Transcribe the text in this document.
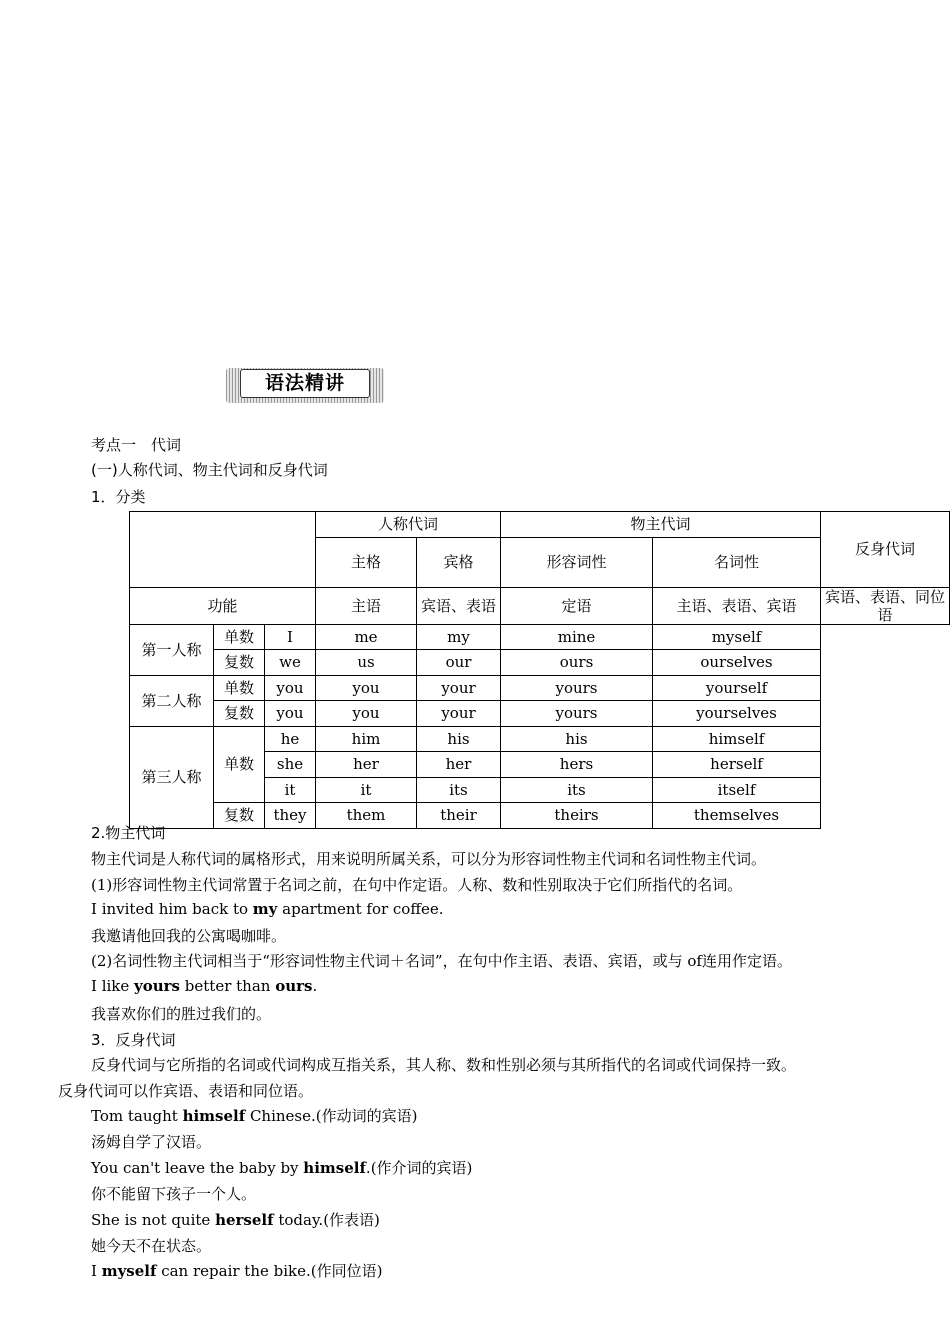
语法精讲
考点一　代词
(一)人称代词、物主代词和反身代词
1．分类
			人称代词		物主代词		反身代词
			主格	宾格	形容词性	名词性	
功能			主语	宾语、表语	定语	主语、表语、宾语	宾语、表语、同位语
第一人称	单数	I	me	my	mine	myself	
	复数	we	us	our	ours	ourselves	
第二人称	单数	you	you	your	yours	yourself	
	复数	you	you	your	yours	yourselves	
第三人称	单数	he	him	his	his	himself	
		she	her	her	hers	herself	
		it	it	its	its	itself	
	复数	they	them	their	theirs	themselves	
2.物主代词
物主代词是人称代词的属格形式，用来说明所属关系，可以分为形容词性物主代词和名词性物主代词。
(1)形容词性物主代词常置于名词之前，在句中作定语。人称、数和性别取决于它们所指代的名词。
I invited him back to my apartment for coffee.
我邀请他回我的公寓喝咖啡。
(2)名词性物主代词相当于“形容词性物主代词＋名词”，在句中作主语、表语、宾语，或与 of连用作定语。
I like yours better than ours.
我喜欢你们的胜过我们的。
3．反身代词
反身代词与它所指的名词或代词构成互指关系，其人称、数和性别必须与其所指代的名词或代词保持一致。
反身代词可以作宾语、表语和同位语。
Tom taught himself Chinese.(作动词的宾语)
汤姆自学了汉语。
You can't leave the baby by himself.(作介词的宾语)
你不能留下孩子一个人。
She is not quite herself today.(作表语)
她今天不在状态。
I myself can repair the bike.(作同位语)
